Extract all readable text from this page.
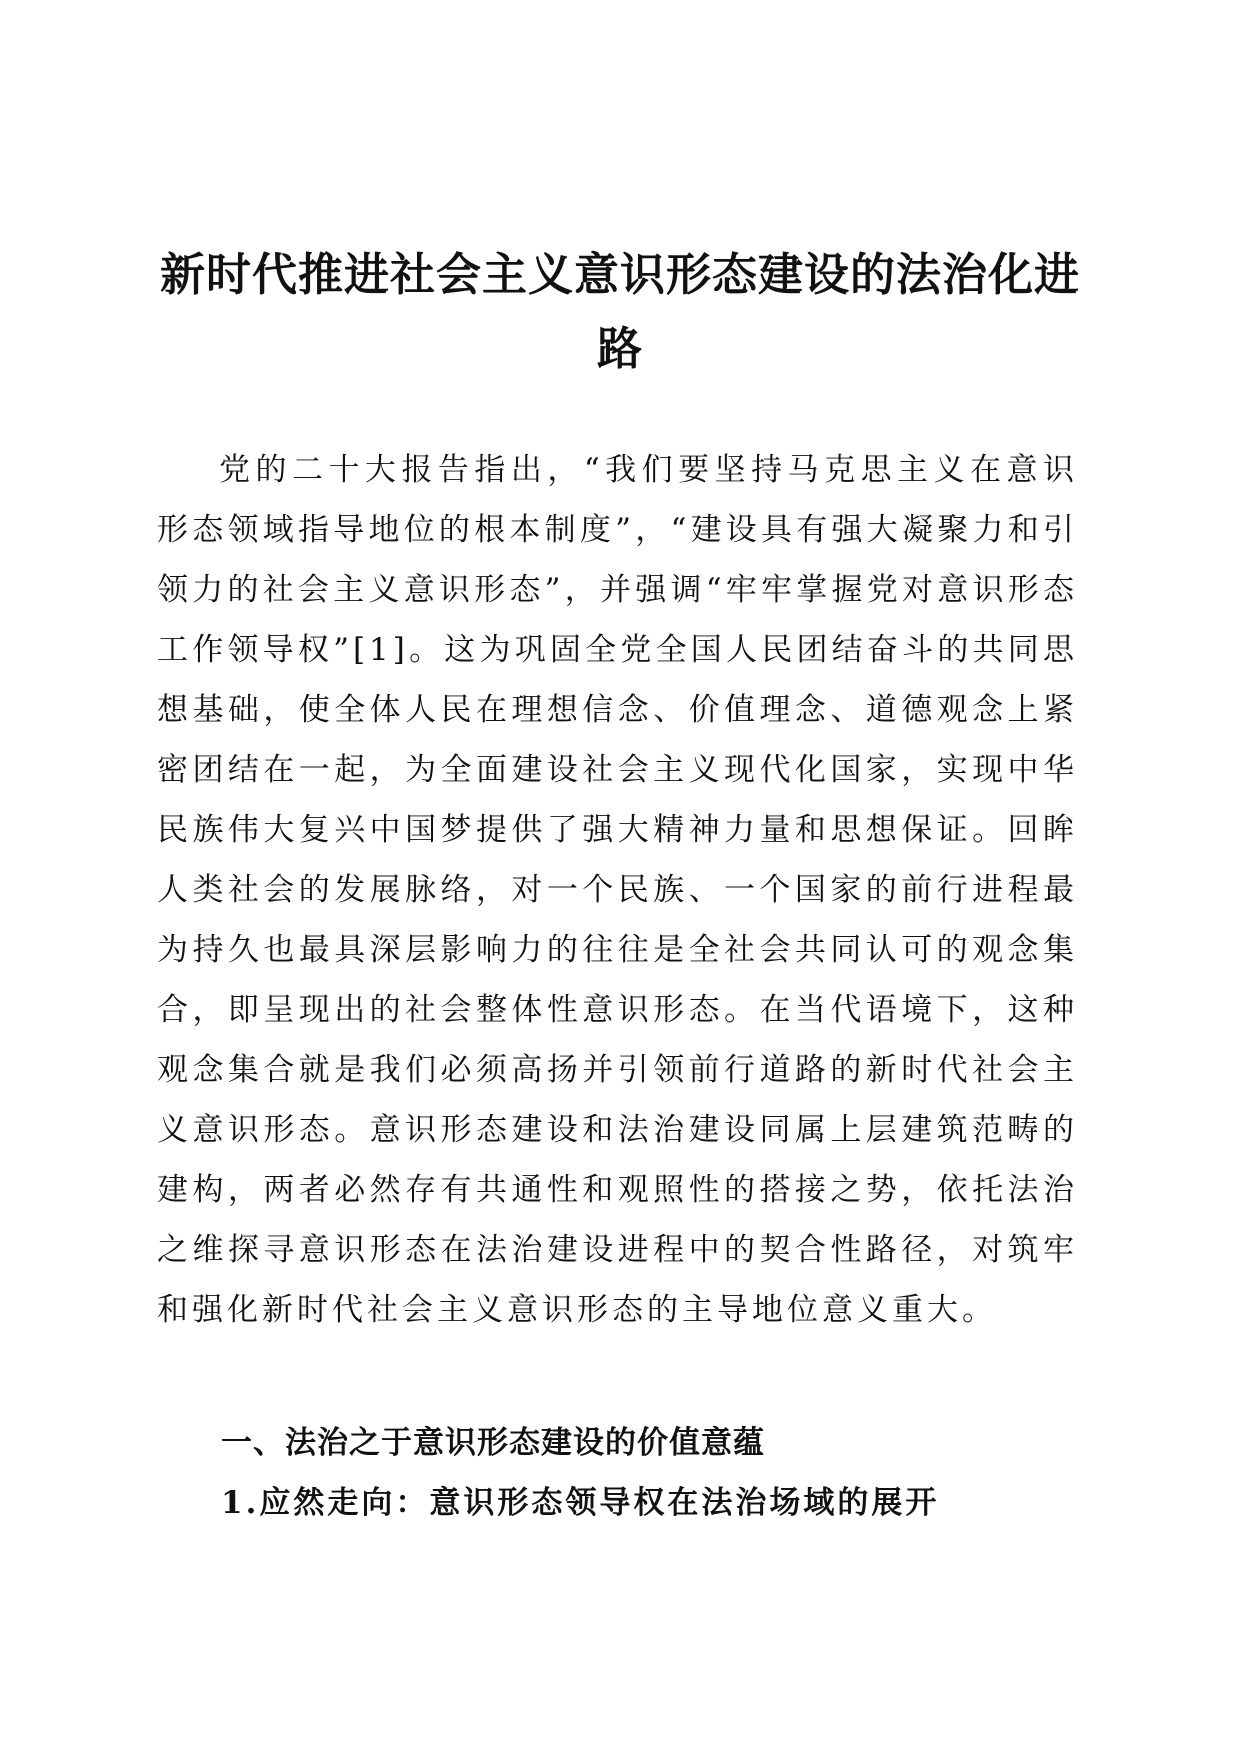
新时代推进社会主义意识形态建设的法治化进路

党的二十大报告指出，“我们要坚持马克思主义在意识形态领域指导地位的根本制度”，“建设具有强大凝聚力和引领力的社会主义意识形态”，并强调“牢牢掌握党对意识形态工作领导权”[1]。这为巩固全党全国人民团结奋斗的共同思想基础，使全体人民在理想信念、价值理念、道德观念上紧密团结在一起，为全面建设社会主义现代化国家，实现中华民族伟大复兴中国梦提供了强大精神力量和思想保证。回眸人类社会的发展脉络，对一个民族、一个国家的前行进程最为持久也最具深层影响力的往往是全社会共同认可的观念集合，即呈现出的社会整体性意识形态。在当代语境下，这种观念集合就是我们必须高扬并引领前行道路的新时代社会主义意识形态。意识形态建设和法治建设同属上层建筑范畴的建构，两者必然存有共通性和观照性的搭接之势，依托法治之维探寻意识形态在法治建设进程中的契合性路径，对筑牢和强化新时代社会主义意识形态的主导地位意义重大。

一、法治之于意识形态建设的价值意蕴
1.应然走向：意识形态领导权在法治场域的展开
